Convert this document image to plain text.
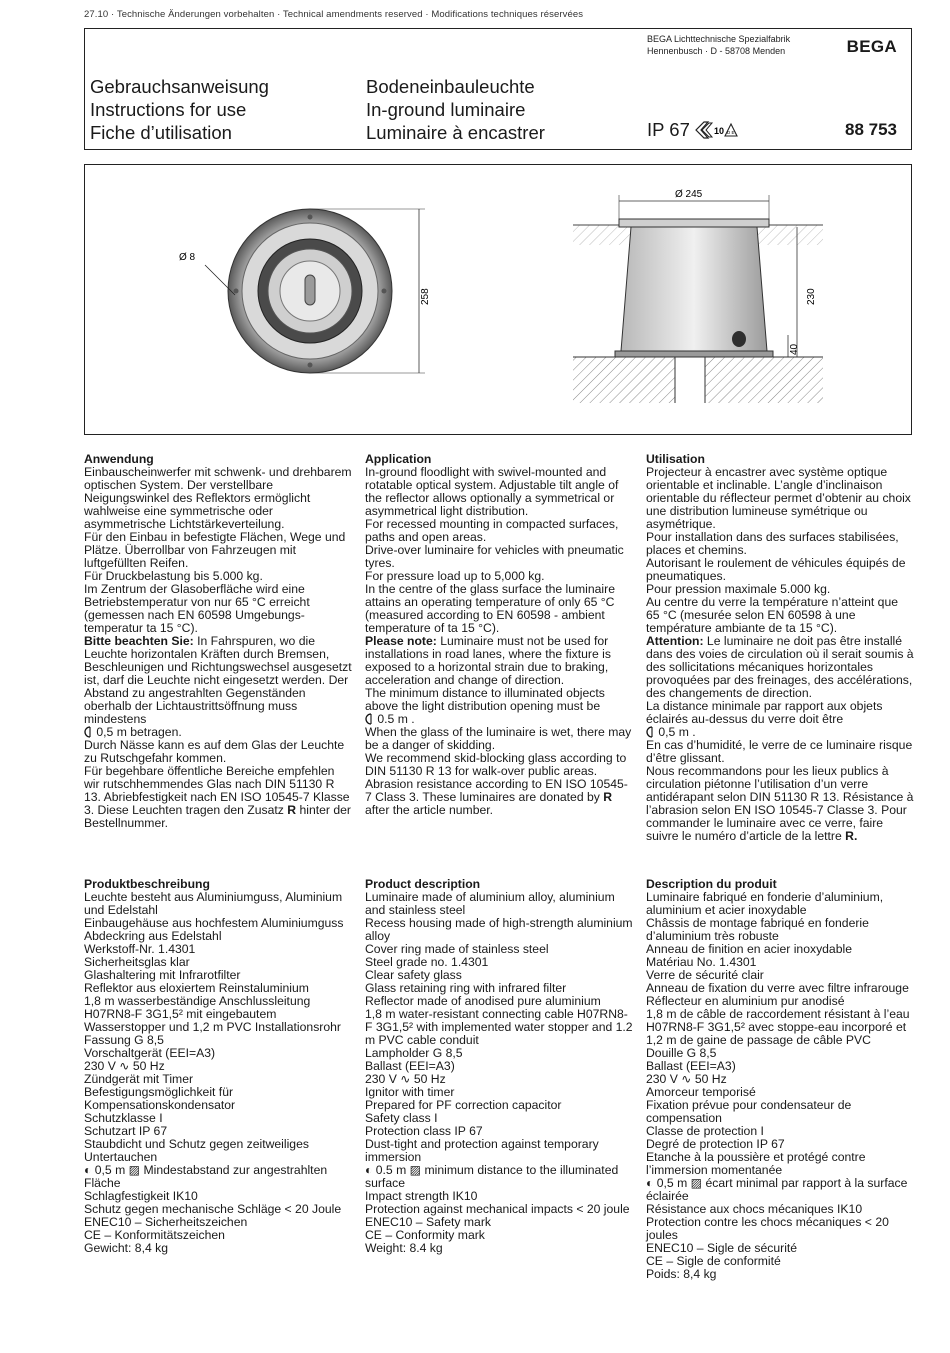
27.10 · Technische Änderungen vorbehalten · Technical amendments reserved · Modifications techniques réservées
BEGA Lichttechnische Spezialfabrik
Hennenbusch · D - 58708 Menden	BEGA
Gebrauchsanweisung
Instructions for use
Fiche d’utilisation
Bodeneinbauleuchte
In-ground luminaire
Luminaire à encastrer	IP 67	10 D E	88 753
Ø 8
258
Ø 245
230
40

Anwendung

Einbauscheinwerfer mit schwenk- und drehbarem optischen System. Der verstellbare Neigungswinkel des Reflektors ermöglicht wahlweise eine symmetrische oder asymmetrische Lichtstärkeverteilung.

Für den Einbau in befestigte Flächen, Wege und Plätze. Überrollbar von Fahrzeugen mit luftgefüllten Reifen.

Für Druckbelastung bis 5.000 kg.

Im Zentrum der Glasoberfläche wird eine Betriebstemperatur von nur 65 °C erreicht (gemessen nach EN 60598 Umgebungs-temperatur ta 15 °C).

Bitte beachten Sie: In Fahrspuren, wo die Leuchte horizontalen Kräften durch Bremsen, Beschleunigen und Richtungswechsel ausgesetzt ist, darf die Leuchte nicht eingesetzt werden. Der Abstand zu angestrahlten Gegenständen oberhalb der Lichtaustrittsöffnung muss mindestens

0,5 m betragen.

Durch Nässe kann es auf dem Glas der Leuchte zu Rutschgefahr kommen.

Für begehbare öffentliche Bereiche empfehlen wir rutschhemmendes Glas nach DIN 51130 R 13. Abriebfestigkeit nach EN ISO 10545-7 Klasse 3. Diese Leuchten tragen den Zusatz R hinter der Bestellnummer.

Application

In-ground floodlight with swivel-mounted and rotatable optical system. Adjustable tilt angle of the reflector allows optionally a symmetrical or asymmetrical light distribution.

For recessed mounting in compacted surfaces, paths and open areas.

Drive-over luminaire for vehicles with pneumatic tyres.

For pressure load up to 5,000 kg.

In the centre of the glass surface the luminaire attains an operating temperature of only 65 °C (measured according to EN 60598 - ambient temperature of ta 15 °C).

Please note: Luminaire must not be used for installations in road lanes, where the fixture is exposed to a horizontal strain due to braking, acceleration and change of direction.

The minimum distance to illuminated objects above the light distribution opening must be

0.5 m .

When the glass of the luminaire is wet, there may be a danger of skidding.

We recommend skid-blocking glass according to DIN 51130 R 13 for walk-over public areas. Abrasion resistance according to EN ISO 10545-7 Class 3. These luminaires are donated by R after the article number.

Utilisation

Projecteur à encastrer avec système optique orientable et inclinable. L’angle d’inclinaison orientable du réflecteur permet d’obtenir au choix une distribution lumineuse symétrique ou asymétrique.

Pour installation dans des surfaces stabilisées, places et chemins.

Autorisant le roulement de véhicules équipés de pneumatiques.

Pour pression maximale 5.000 kg.

Au centre du verre la température n’atteint que 65 °C (mesurée selon EN 60598 à une température ambiante de ta 15 °C).

Attention: Le luminaire ne doit pas être installé dans des voies de circulation où il serait soumis à des sollicitations mécaniques horizontales provoquées par des freinages, des accélérations, des changements de direction.

La distance minimale par rapport aux objets éclairés au-dessus du verre doit être

0,5 m .

En cas d’humidité, le verre de ce luminaire risque d’être glissant.

Nous recommandons pour les lieux publics à circulation piétonne l’utilisation d’un verre antidérapant selon DIN 51130 R 13. Résistance à l’abrasion selon EN ISO 10545-7 Classe 3. Pour commander le luminaire avec ce verre, faire suivre le numéro d’article de la lettre R.

Produktbeschreibung

Leuchte besteht aus Aluminiumguss, Aluminium und Edelstahl

Einbaugehäuse aus hochfestem Aluminiumguss

Abdeckring aus Edelstahl

Werkstoff-Nr. 1.4301

Sicherheitsglas klar

Glashaltering mit Infrarotfilter

Reflektor aus eloxiertem Reinstaluminium

1,8 m wasserbeständige Anschlussleitung H07RN8-F 3G1,5² mit eingebautem Wasserstopper und 1,2 m PVC Installationsrohr

Fassung G 8,5

Vorschaltgerät (EEI=A3)

230 V ∿ 50 Hz

Zündgerät mit Timer

Befestigungsmöglichkeit für Kompensationskondensator

Schutzklasse I

Schutzart IP 67

Staubdicht und Schutz gegen zeitweiliges Untertauchen

◐ 0,5 m ▨ Mindestabstand zur angestrahlten Fläche

Schlagfestigkeit IK10

Schutz gegen mechanische Schläge < 20 Joule

ENEC10 – Sicherheitszeichen

CE – Konformitätszeichen

Gewicht: 8,4 kg

Product description

Luminaire made of aluminium alloy, aluminium and stainless steel

Recess housing made of high-strength aluminium alloy

Cover ring made of stainless steel

Steel grade no. 1.4301

Clear safety glass

Glass retaining ring with infrared filter

Reflector made of anodised pure aluminium

1,8 m water-resistant connecting cable H07RN8-F 3G1,5² with implemented water stopper and 1.2 m PVC cable conduit

Lampholder G 8,5

Ballast (EEI=A3)

230 V ∿ 50 Hz

Ignitor with timer

Prepared for PF correction capacitor

Safety class I

Protection class IP 67

Dust-tight and protection against temporary immersion

◐ 0.5 m ▨ minimum distance to the illuminated surface

Impact strength IK10

Protection against mechanical impacts < 20 joule

ENEC10 – Safety mark

CE – Conformity mark

Weight: 8.4 kg

Description du produit

Luminaire fabriqué en fonderie d’aluminium, aluminium et acier inoxydable

Châssis de montage fabriqué en fonderie d’aluminium très robuste

Anneau de finition en acier inoxydable

Matériau No. 1.4301

Verre de sécurité clair

Anneau de fixation du verre avec filtre infrarouge

Réflecteur en aluminium pur anodisé

1,8 m de câble de raccordement résistant à l’eau H07RN8-F 3G1,5² avec stoppe-eau incorporé et 1,2 m de gaine de passage de câble PVC

Douille G 8,5

Ballast (EEI=A3)

230 V ∿ 50 Hz

Amorceur temporisé

Fixation prévue pour condensateur de compensation

Classe de protection I

Degré de protection IP 67

Etanche à la poussière et protégé contre l’immersion momentanée

◐ 0,5 m ▨ écart minimal par rapport à la surface éclairée

Résistance aux chocs mécaniques IK10

Protection contre les chocs mécaniques < 20 joules

ENEC10 – Sigle de sécurité

CE – Sigle de conformité

Poids: 8,4 kg
